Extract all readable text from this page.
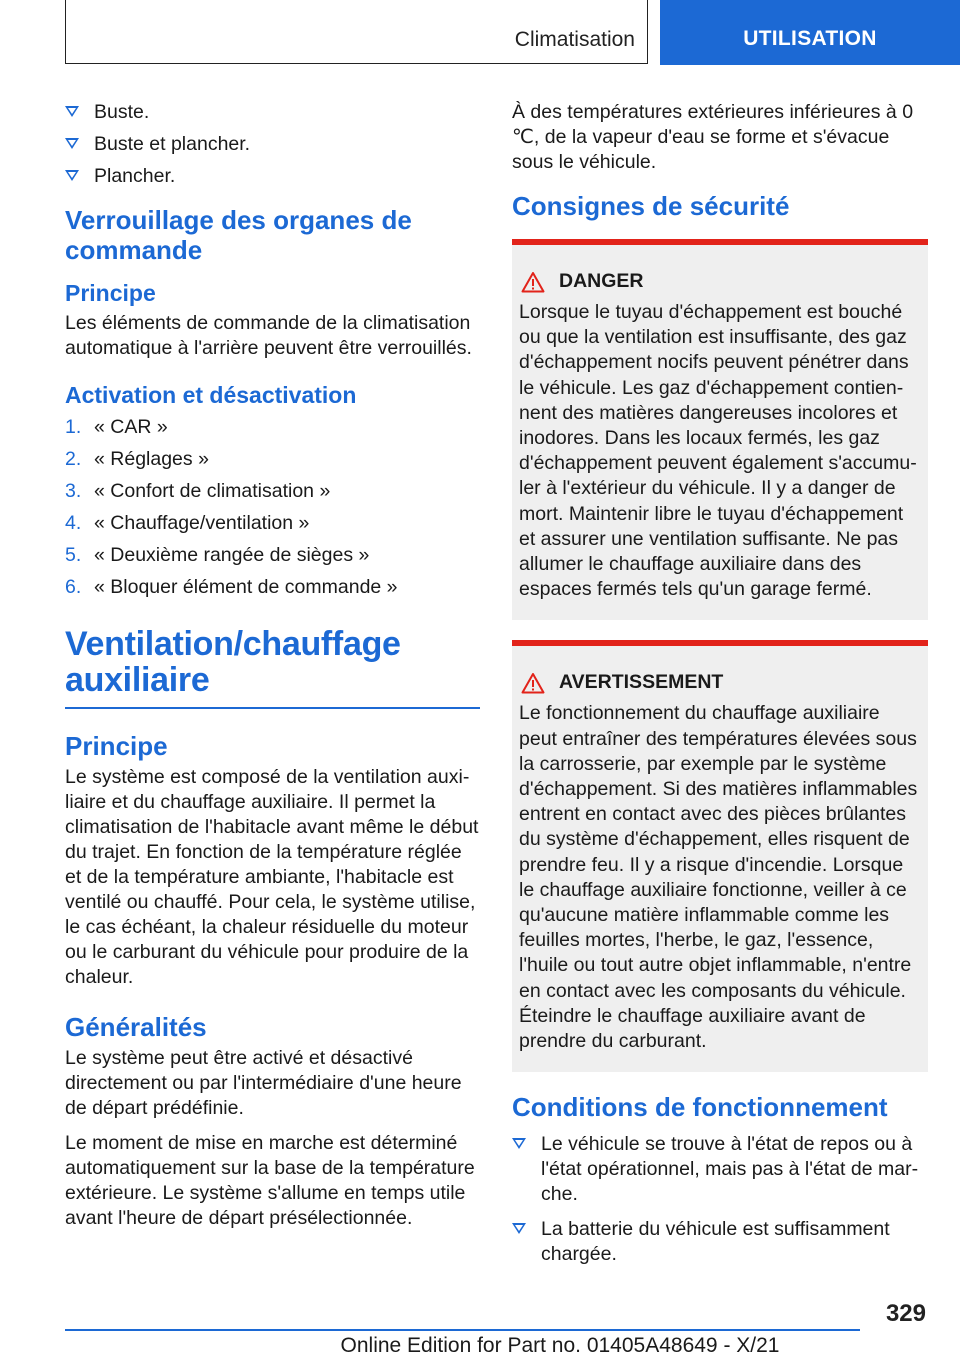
Climatisation	UTILISATION
Buste.
Buste et plancher.
Plancher.
Verrouillage des organes de commande
Principe

Les éléments de commande de la climatisation automatique à l'arrière peuvent être verrouillés.

Activation et désactivation
1. « CAR »
2. « Réglages »
3. « Confort de climatisation »
4. « Chauffage/ventilation »
5. « Deuxième rangée de sièges »
6. « Bloquer élément de commande »
Ventilation/chauffage auxiliaire
Principe

Le système est composé de la ventilation auxiliaire et du chauffage auxiliaire. Il permet la climatisation de l'habitacle avant même le début du trajet. En fonction de la température réglée et de la température ambiante, l'habitacle est ventilé ou chauffé. Pour cela, le système utilise, le cas échéant, la chaleur résiduelle du moteur ou le carburant du véhicule pour produire de la chaleur.

Généralités

Le système peut être activé et désactivé directement ou par l'intermédiaire d'une heure de départ prédéfinie.

Le moment de mise en marche est déterminé automatiquement sur la base de la température extérieure. Le système s'allume en temps utile avant l'heure de départ présélectionnée.

À des températures extérieures inférieures à 0 ℃, de la vapeur d'eau se forme et s'évacue sous le véhicule.

Consignes de sécurité
DANGER

Lorsque le tuyau d'échappement est bouché ou que la ventilation est insuffisante, des gaz d'échappement nocifs peuvent pénétrer dans le véhicule. Les gaz d'échappement contiennent des matières dangereuses incolores et inodores. Dans les locaux fermés, les gaz d'échappement peuvent également s'accumuler à l'extérieur du véhicule. Il y a danger de mort. Maintenir libre le tuyau d'échappement et assurer une ventilation suffisante. Ne pas allumer le chauffage auxiliaire dans des espaces fermés tels qu'un garage fermé.

AVERTISSEMENT

Le fonctionnement du chauffage auxiliaire peut entraîner des températures élevées sous la carrosserie, par exemple par le système d'échappement. Si des matières inflammables entrent en contact avec des pièces brûlantes du système d'échappement, elles risquent de prendre feu. Il y a risque d'incendie. Lorsque le chauffage auxiliaire fonctionne, veiller à ce qu'aucune matière inflammable comme les feuilles mortes, l'herbe, le gaz, l'essence, l'huile ou tout autre objet inflammable, n'entre en contact avec les composants du véhicule. Éteindre le chauffage auxiliaire avant de prendre du carburant.

Conditions de fonctionnement
Le véhicule se trouve à l'état de repos ou à l'état opérationnel, mais pas à l'état de marche.
La batterie du véhicule est suffisamment chargée.
329
Online Edition for Part no. 01405A48649 - X/21
